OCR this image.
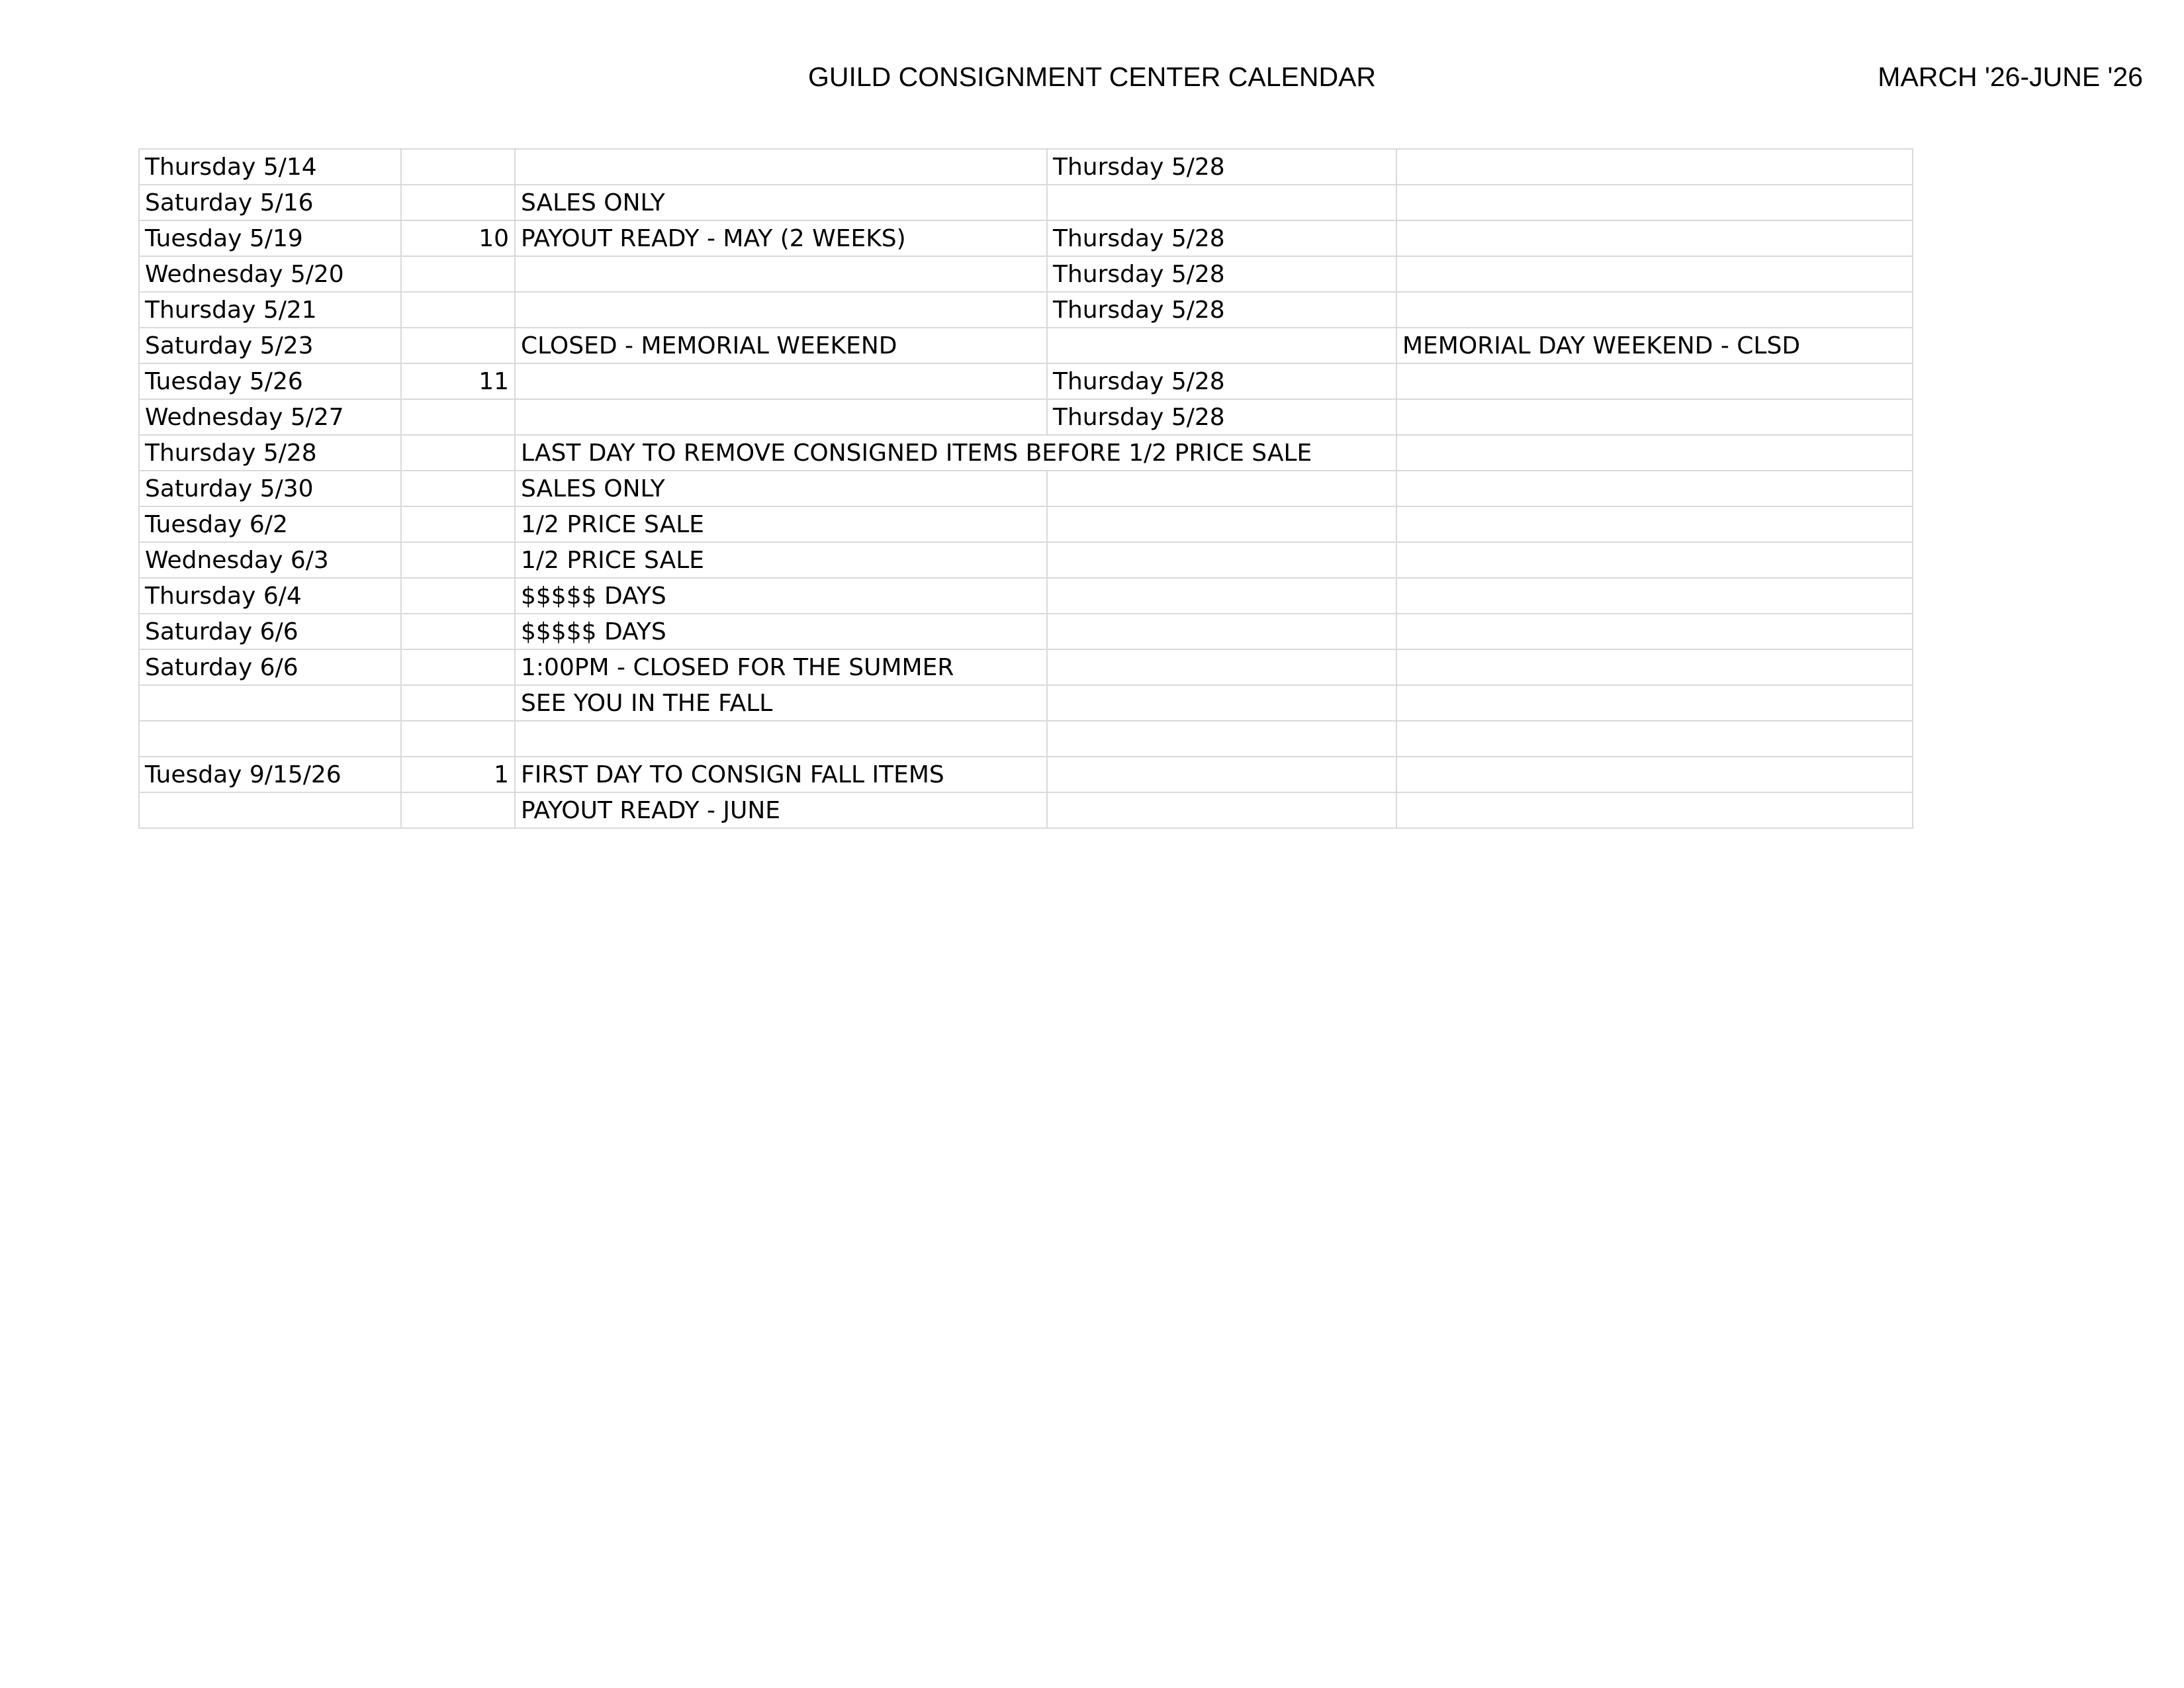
GUILD CONSIGNMENT CENTER CALENDAR	MARCH '26-JUNE '26
Thursday 5/14			Thursday 5/28	
Saturday 5/16		SALES ONLY		
Tuesday 5/19	10	PAYOUT READY - MAY (2 WEEKS)	Thursday 5/28	
Wednesday 5/20			Thursday 5/28	
Thursday 5/21			Thursday 5/28	
Saturday 5/23		CLOSED - MEMORIAL WEEKEND		MEMORIAL DAY WEEKEND - CLSD
Tuesday 5/26	11		Thursday 5/28	
Wednesday 5/27			Thursday 5/28	
Thursday 5/28		LAST DAY TO REMOVE CONSIGNED ITEMS BEFORE 1/2 PRICE SALE		
Saturday 5/30		SALES ONLY		
Tuesday 6/2		1/2 PRICE SALE		
Wednesday 6/3		1/2 PRICE SALE		
Thursday 6/4		$$$$$ DAYS		
Saturday 6/6		$$$$$ DAYS		
Saturday 6/6		1:00PM - CLOSED FOR THE SUMMER		
		SEE YOU IN THE FALL		

Tuesday 9/15/26	1	FIRST DAY TO CONSIGN FALL ITEMS		
		PAYOUT READY - JUNE		
